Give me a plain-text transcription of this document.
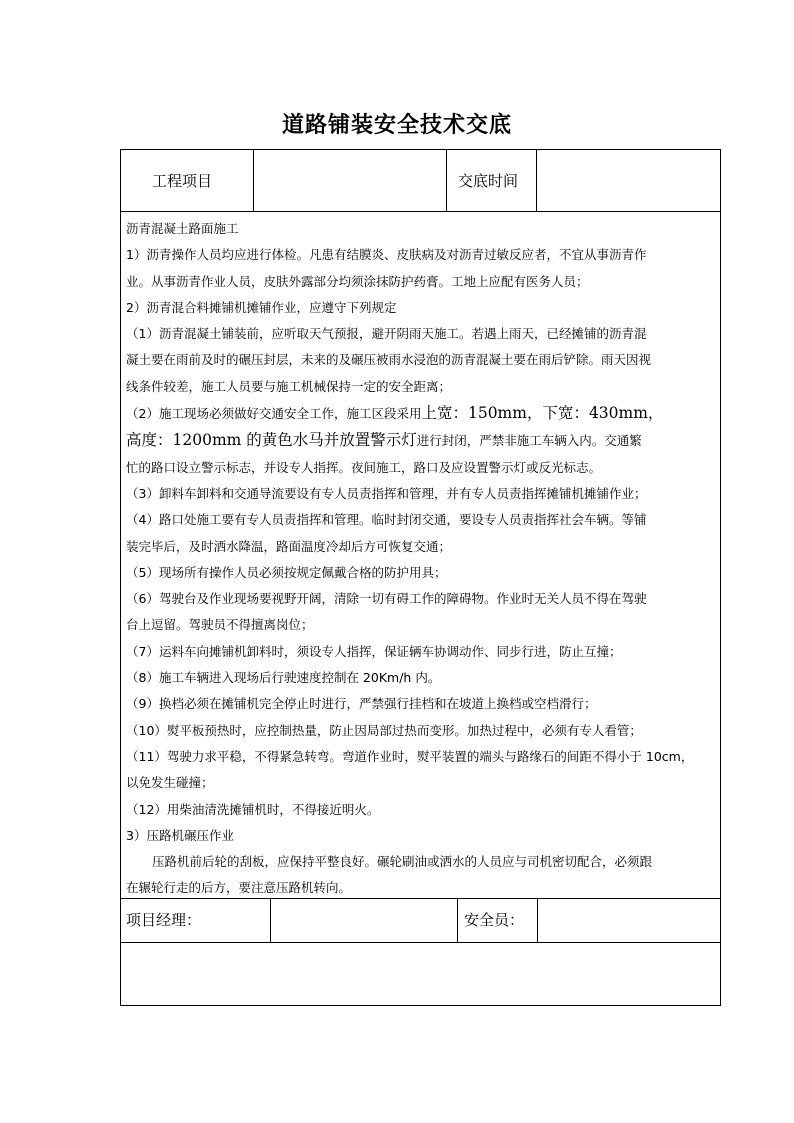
道路铺装安全技术交底
工程项目	交底时间

沥青混凝土路面施工

1）沥青操作人员均应进行体检。凡患有结膜炎、皮肤病及对沥青过敏反应者，不宜从事沥青作

业。从事沥青作业人员，皮肤外露部分均须涂抹防护药膏。工地上应配有医务人员；

2）沥青混合料摊铺机摊铺作业，应遵守下列规定

（1）沥青混凝土铺装前，应听取天气预报，避开阴雨天施工。若遇上雨天，已经摊铺的沥青混

凝土要在雨前及时的碾压封层，未来的及碾压被雨水浸泡的沥青混凝土要在雨后铲除。雨天因视

线条件较差，施工人员要与施工机械保持一定的安全距离；

（2）施工现场必须做好交通安全工作，施工区段采用上宽：150mm，下宽：430mm，

高度：1200mm 的黄色水马并放置警示灯进行封闭，严禁非施工车辆入内。交通繁

忙的路口设立警示标志，并设专人指挥。夜间施工，路口及应设置警示灯或反光标志。

（3）卸料车卸料和交通导流要设有专人员责指挥和管理，并有专人员责指挥摊铺机摊铺作业；

（4）路口处施工要有专人员责指挥和管理。临时封闭交通，要设专人员责指挥社会车辆。等铺

装完毕后，及时洒水降温，路面温度冷却后方可恢复交通；

（5）现场所有操作人员必须按规定佩戴合格的防护用具；

（6）驾驶台及作业现场要视野开阔，清除一切有碍工作的障碍物。作业时无关人员不得在驾驶

台上逗留。驾驶员不得擅离岗位；

（7）运料车向摊铺机卸料时，须设专人指挥，保证辆车协调动作、同步行进，防止互撞；

（8）施工车辆进入现场后行驶速度控制在 20Km/h 内。

（9）换档必须在摊铺机完全停止时进行，严禁强行挂档和在坡道上换档或空档滑行；

（10）熨平板预热时，应控制热量，防止因局部过热而变形。加热过程中，必须有专人看管；

（11）驾驶力求平稳，不得紧急转弯。弯道作业时，熨平装置的端头与路缘石的间距不得小于 10cm，

以免发生碰撞；

（12）用柴油清洗摊铺机时，不得接近明火。

3）压路机碾压作业

压路机前后轮的刮板，应保持平整良好。碾轮刷油或洒水的人员应与司机密切配合，必须跟

在辗轮行走的后方，要注意压路机转向。

项目经理：	安全员：
